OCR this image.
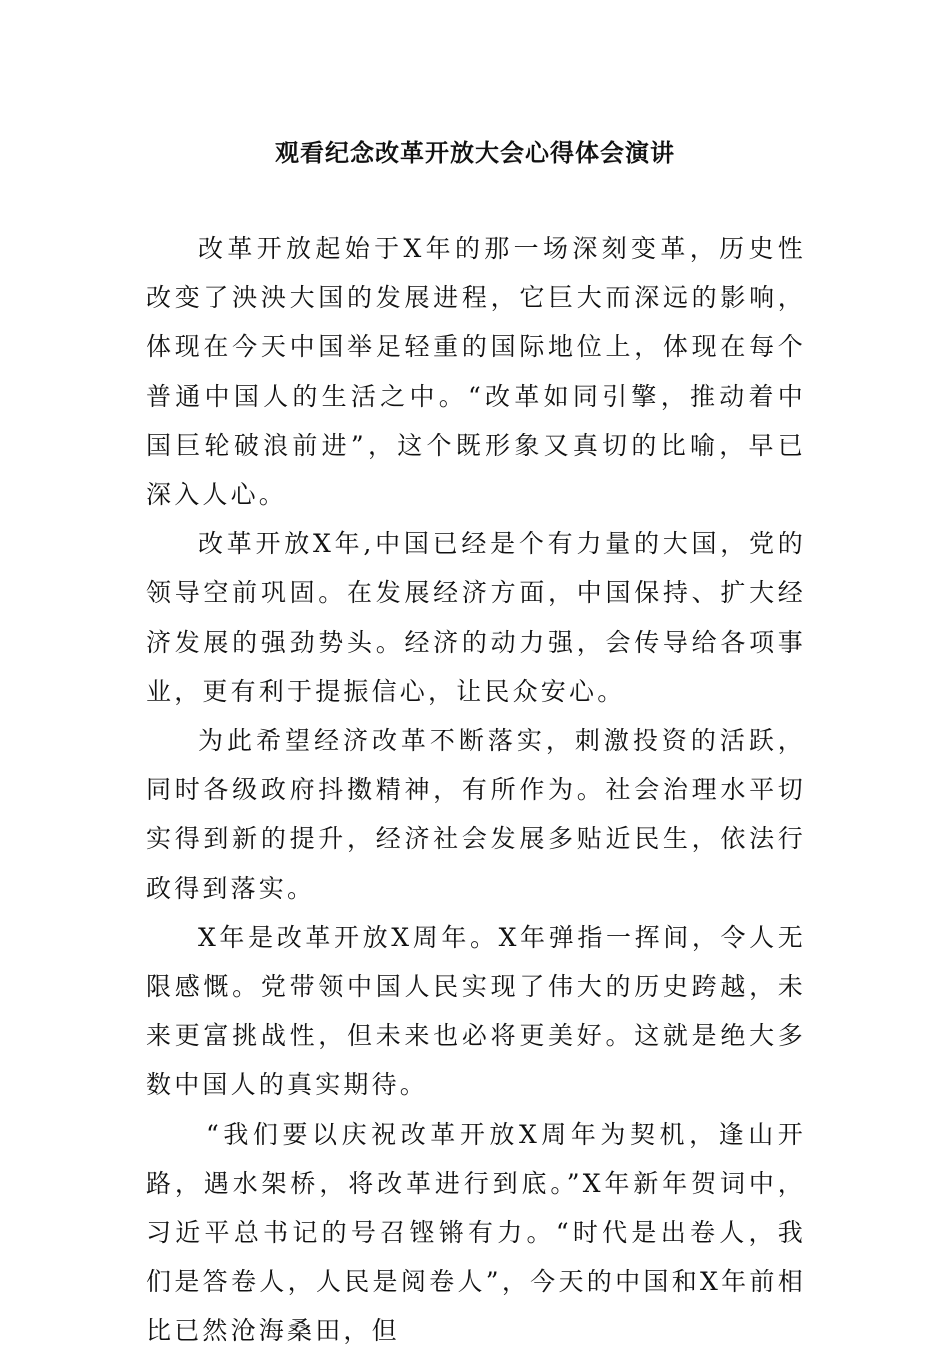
观看纪念改革开放大会心得体会演讲

改革开放起始于X年的那一场深刻变革，历史性改变了泱泱大国的发展进程，它巨大而深远的影响，体现在今天中国举足轻重的国际地位上，体现在每个普通中国人的生活之中。“改革如同引擎，推动着中国巨轮破浪前进”，这个既形象又真切的比喻，早已深入人心。

改革开放X年,中国已经是个有力量的大国，党的领导空前巩固。在发展经济方面，中国保持、扩大经济发展的强劲势头。经济的动力强，会传导给各项事业，更有利于提振信心，让民众安心。

为此希望经济改革不断落实，刺激投资的活跃，同时各级政府抖擞精神，有所作为。社会治理水平切实得到新的提升，经济社会发展多贴近民生，依法行政得到落实。

X年是改革开放X周年。X年弹指一挥间，令人无限感慨。党带领中国人民实现了伟大的历史跨越，未来更富挑战性，但未来也必将更美好。这就是绝大多数中国人的真实期待。

“我们要以庆祝改革开放X周年为契机，逢山开路，遇水架桥，将改革进行到底。”X年新年贺词中，习近平总书记的号召铿锵有力。“时代是出卷人，我们是答卷人，人民是阅卷人”，今天的中国和X年前相比已然沧海桑田，但
